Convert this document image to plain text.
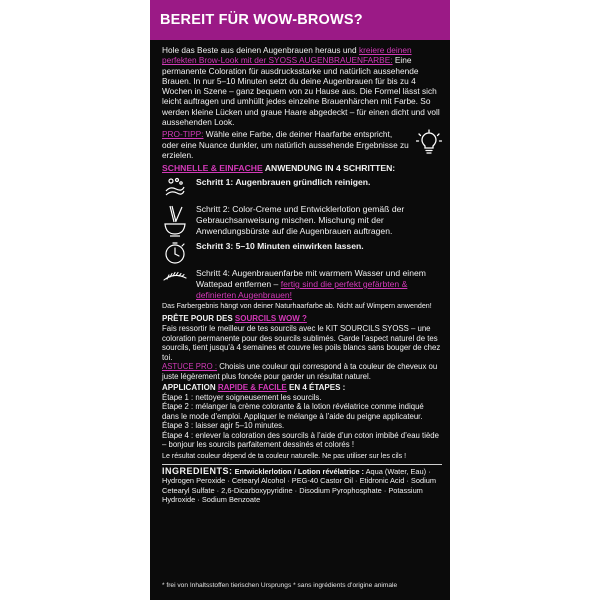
BEREIT FÜR WOW-BROWS?

Hole das Beste aus deinen Augenbrauen heraus und kreiere deinen perfekten Brow-Look mit der SYOSS AUGENBRAUENFARBE: Eine permanente Coloration für ausdrucksstarke und natürlich aussehende Brauen. In nur 5–10 Minuten setzt du deine Augenbrauen für bis zu 4 Wochen in Szene – ganz bequem von zu Hause aus. Die Formel lässt sich leicht auftragen und umhüllt jedes einzelne Brauenhärchen mit Farbe. So werden kleine Lücken und graue Haare abgedeckt – für einen dicht und voll aussehenden Look.

PRO-TIPP: Wähle eine Farbe, die deiner Haarfarbe entspricht, oder eine Nuance dunkler, um natürlich aussehende Ergebnisse zu erzielen.

SCHNELLE & EINFACHE ANWENDUNG IN 4 SCHRITTEN:

Schritt 1: Augenbrauen gründlich reinigen.

Schritt 2: Color-Creme und Entwicklerlotion gemäß der Gebrauchsanweisung mischen. Mischung mit der Anwendungsbürste auf die Augenbrauen auftragen.

Schritt 3: 5–10 Minuten einwirken lassen.

Schritt 4: Augenbrauenfarbe mit warmem Wasser und einem Wattepad entfernen – fertig sind die perfekt gefärbten & definierten Augenbrauen!

Das Farbergebnis hängt von deiner Naturhaarfarbe ab. Nicht auf Wimpern anwenden!

PRÊTE POUR DES SOURCILS WOW ?

Fais ressortir le meilleur de tes sourcils avec le KIT SOURCILS SYOSS – une coloration permanente pour des sourcils sublimés. Garde l’aspect naturel de tes sourcils, tient jusqu’à 4 semaines et couvre les poils blancs sans bouger de chez toi.

ASTUCE PRO : Choisis une couleur qui correspond à ta couleur de cheveux ou juste légèrement plus foncée pour garder un résultat naturel.

APPLICATION RAPIDE & FACILE EN 4 ÉTAPES :

Étape 1 : nettoyer soigneusement les sourcils.

Étape 2 : mélanger la crème colorante & la lotion révélatrice comme indiqué dans le mode d’emploi. Appliquer le mélange à l’aide du peigne applicateur.

Étape 3 : laisser agir 5–10 minutes.

Étape 4 : enlever la coloration des sourcils à l’aide d’un coton imbibé d’eau tiède – bonjour les sourcils parfaitement dessinés et colorés !

Le résultat couleur dépend de ta couleur naturelle. Ne pas utiliser sur les cils !

INGREDIENTS: Entwicklerlotion / Lotion révélatrice : Aqua (Water, Eau) · Hydrogen Peroxide · Cetearyl Alcohol · PEG-40 Castor Oil · Etidronic Acid · Sodium Cetearyl Sulfate · 2,6-Dicarboxypyridine · Disodium Pyrophosphate · Potassium Hydroxide · Sodium Benzoate
* frei von Inhaltsstoffen tierischen Ursprungs * sans ingrédients d’origine animale
